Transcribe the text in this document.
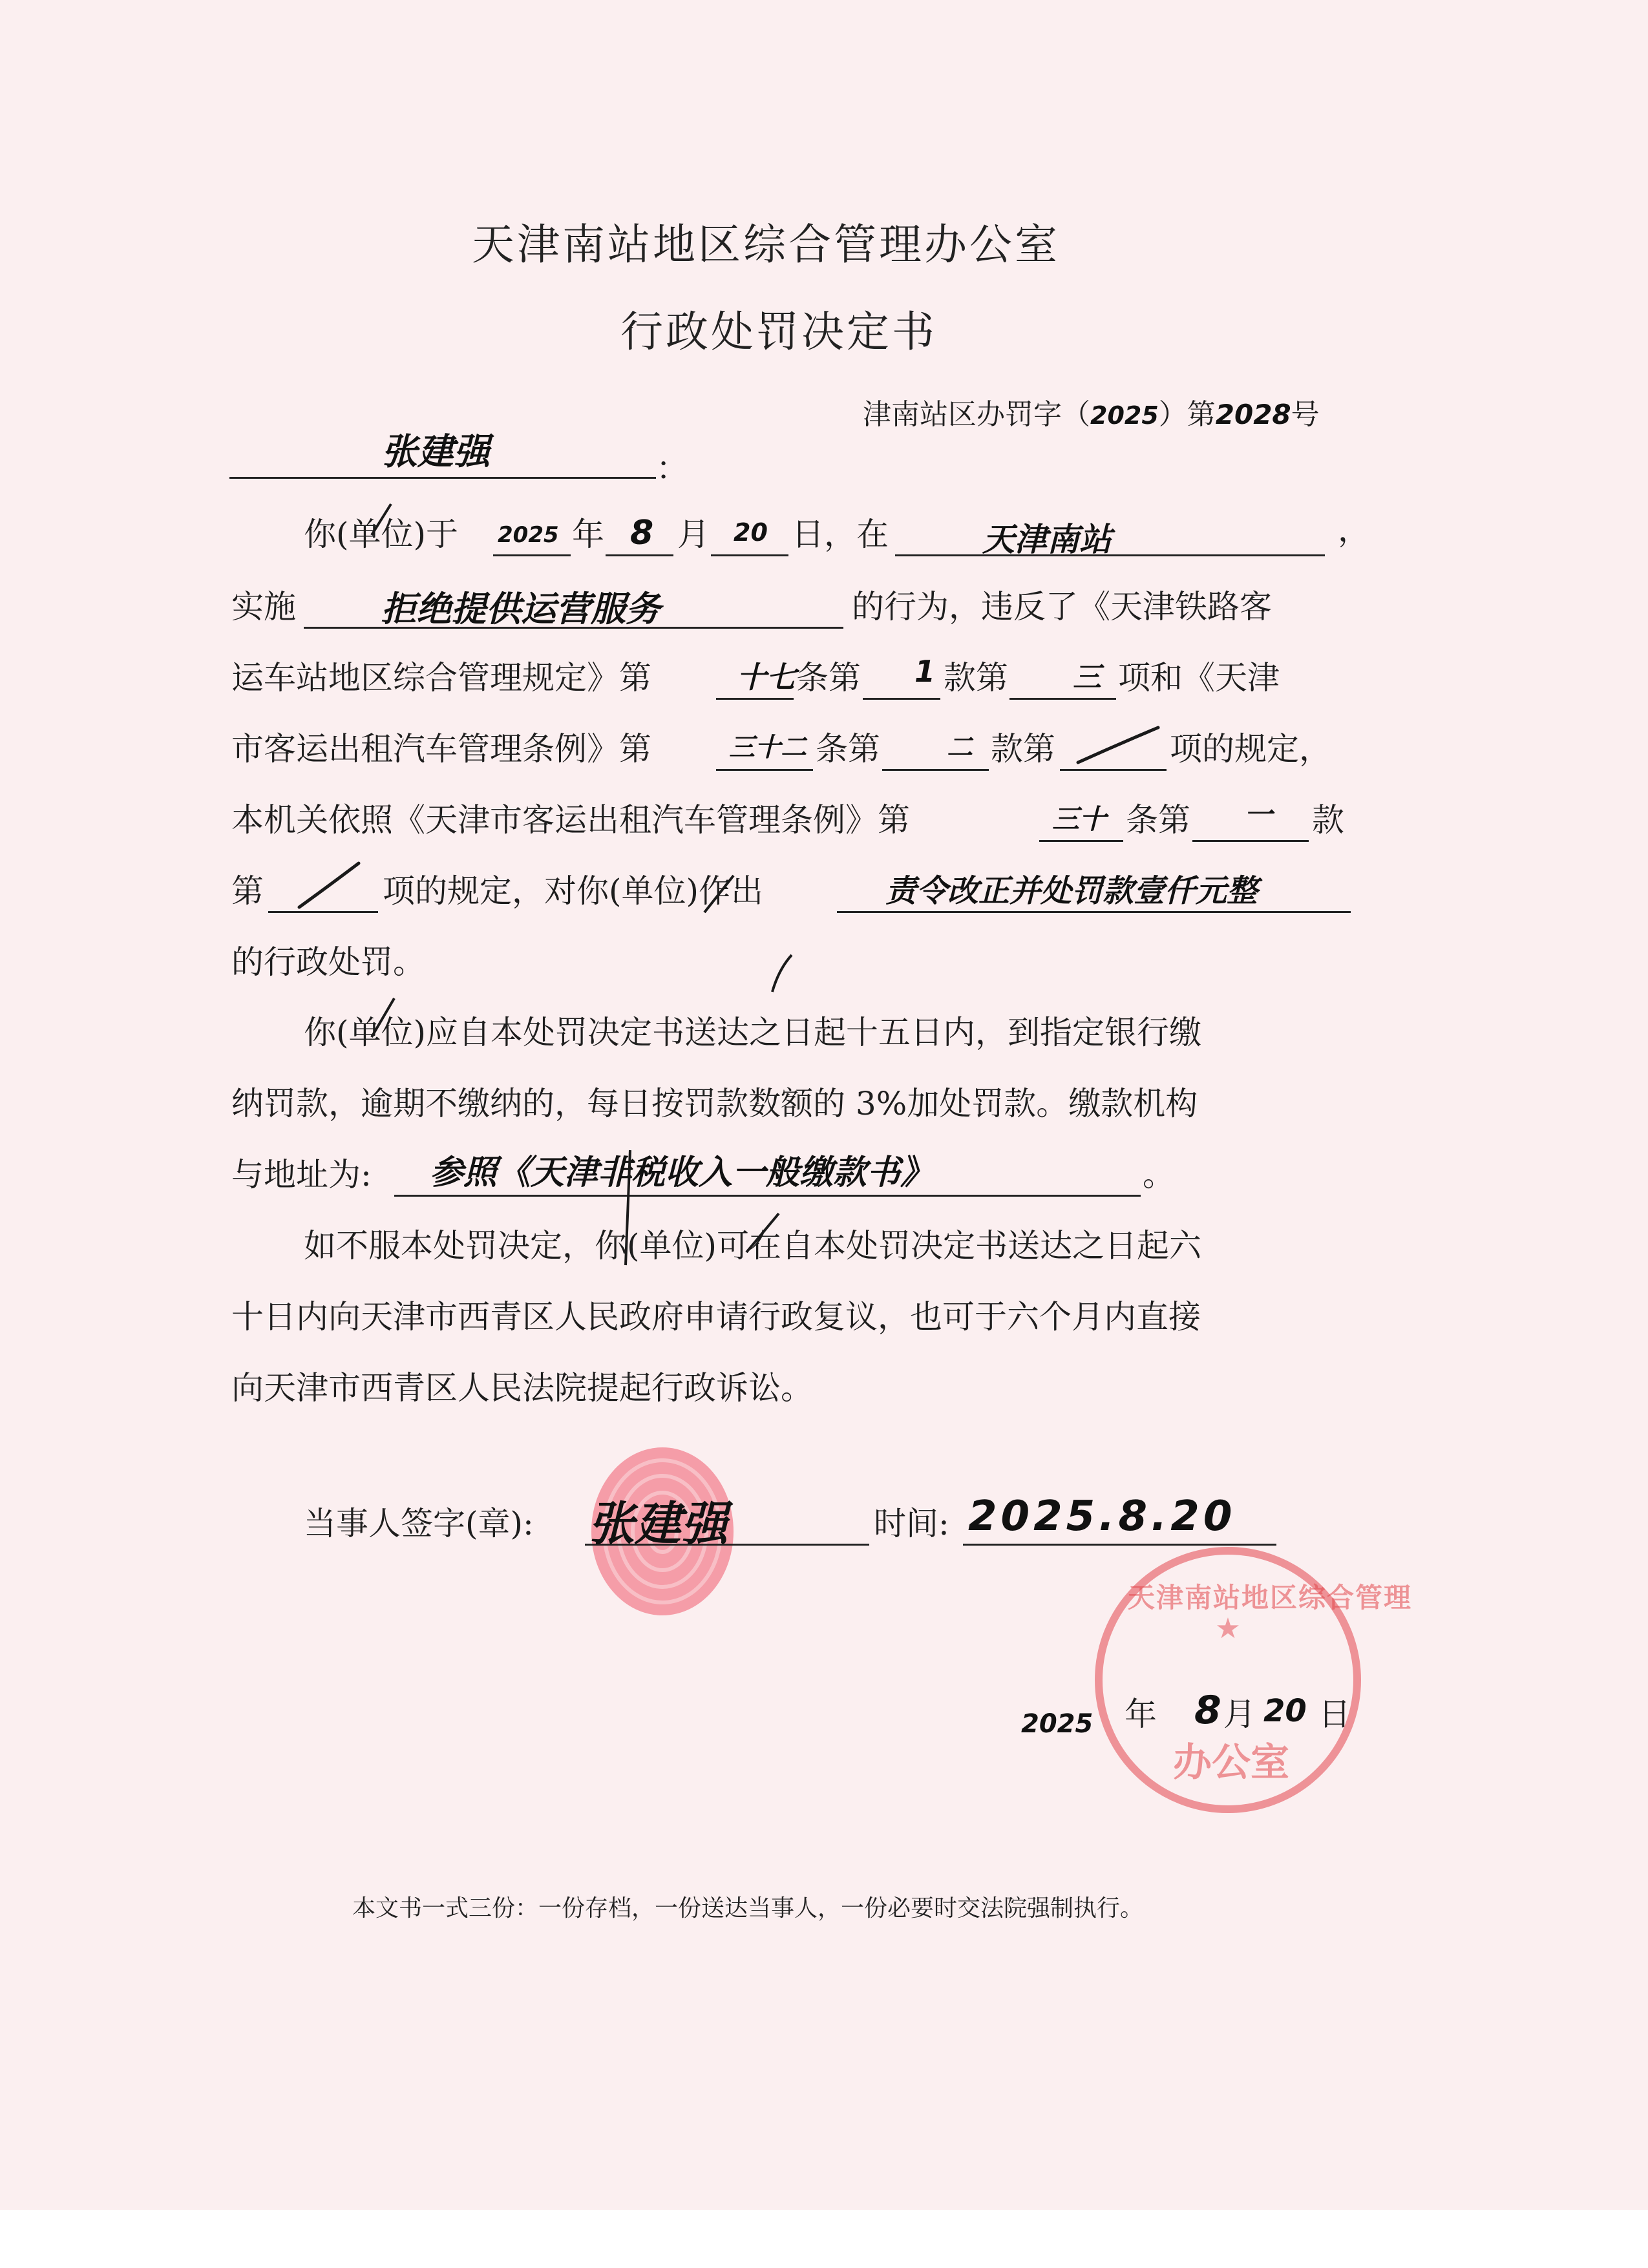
天津南站地区综合管理办公室
行政处罚决定书
津南站区办罚字（2025）第2028号
张建强	：
你(单位)于 2025 年 8 月 20 日，在	天津南站	，
实施 拒绝提供运营服务	的行为，违反了《天津铁路客
运车站地区综合管理规定》第	十七 条第 1 款第 三 项和《天津
市客运出租汽车管理条例》第	三十二 条第	二 款第	项的规定，
本机关依照《天津市客运出租汽车管理条例》第	三十 条第 一 款
第	项的规定，对你(单位)作出	责令改正并处罚款壹仟元整
的行政处罚。
你(单位)应自本处罚决定书送达之日起十五日内，到指定银行缴
纳罚款，逾期不缴纳的，每日按罚款数额的 3%加处罚款。缴款机构
与地址为: 参照《天津非税收入一般缴款书》	。
如不服本处罚决定，你(单位)可在自本处罚决定书送达之日起六
十日内向天津市西青区人民政府申请行政复议，也可于六个月内直接
向天津市西青区人民法院提起行政诉讼。
当事人签字(章): 张建强	时间: 2025.8.20
★
天津南站地区综合管理
办公室
2025 年 8 月 20 日
本文书一式三份：一份存档，一份送达当事人，一份必要时交法院强制执行。
